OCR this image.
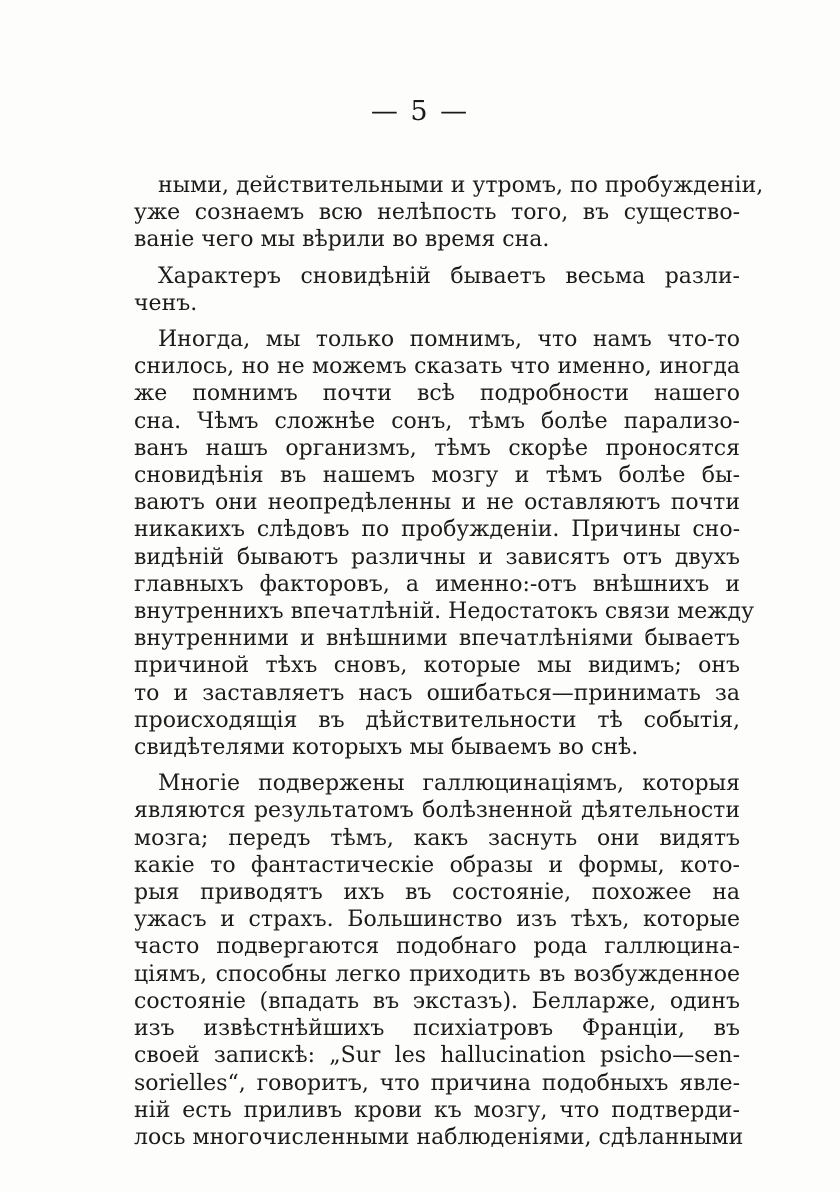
— 5 —
ными, действительными и утромъ, по пробужденіи,
уже сознаемъ всю нелѣпость того, въ существо-
ваніе чего мы вѣрили во время сна.
Характеръ сновидѣній бываетъ весьма разли-
ченъ.
Иногда, мы только помнимъ, что намъ что-то
снилось, но не можемъ сказать что именно, иногда
же помнимъ почти всѣ подробности нашего
сна. Чѣмъ сложнѣе сонъ, тѣмъ болѣе парализо-
ванъ нашъ организмъ, тѣмъ скорѣе проносятся
сновидѣнія въ нашемъ мозгу и тѣмъ болѣе бы-
ваютъ они неопредѣленны и не оставляютъ почти
никакихъ слѣдовъ по пробужденіи. Причины сно-
видѣній бываютъ различны и зависятъ отъ двухъ
главныхъ факторовъ, а именно:-отъ внѣшнихъ и
внутреннихъ впечатлѣній. Недостатокъ связи между
внутренними и внѣшними впечатлѣніями бываетъ
причиной тѣхъ сновъ, которые мы видимъ; онъ
то и заставляетъ насъ ошибаться—принимать за
происходящія въ дѣйствительности тѣ событія,
свидѣтелями которыхъ мы бываемъ во снѣ.
Многіе подвержены галлюцинаціямъ, которыя
являются результатомъ болѣзненной дѣятельности
мозга; передъ тѣмъ, какъ заснуть они видятъ
какіе то фантастическіе образы и формы, кото-
рыя приводятъ ихъ въ состояніе, похожее на
ужасъ и страхъ. Большинство изъ тѣхъ, которые
часто подвергаются подобнаго рода галлюцина-
ціямъ, способны легко приходить въ возбужденное
состояніе (впадать въ экстазъ). Белларже, одинъ
изъ извѣстнѣйшихъ псиxiатровъ Франціи, въ
своей запискѣ: „Sur les hallucination psicho—sen-
sorielles“, говоритъ, что причина подобныхъ явле-
ній есть приливъ крови къ мозгу, что подтверди-
лось многочисленными наблюденіями, сдѣланными
